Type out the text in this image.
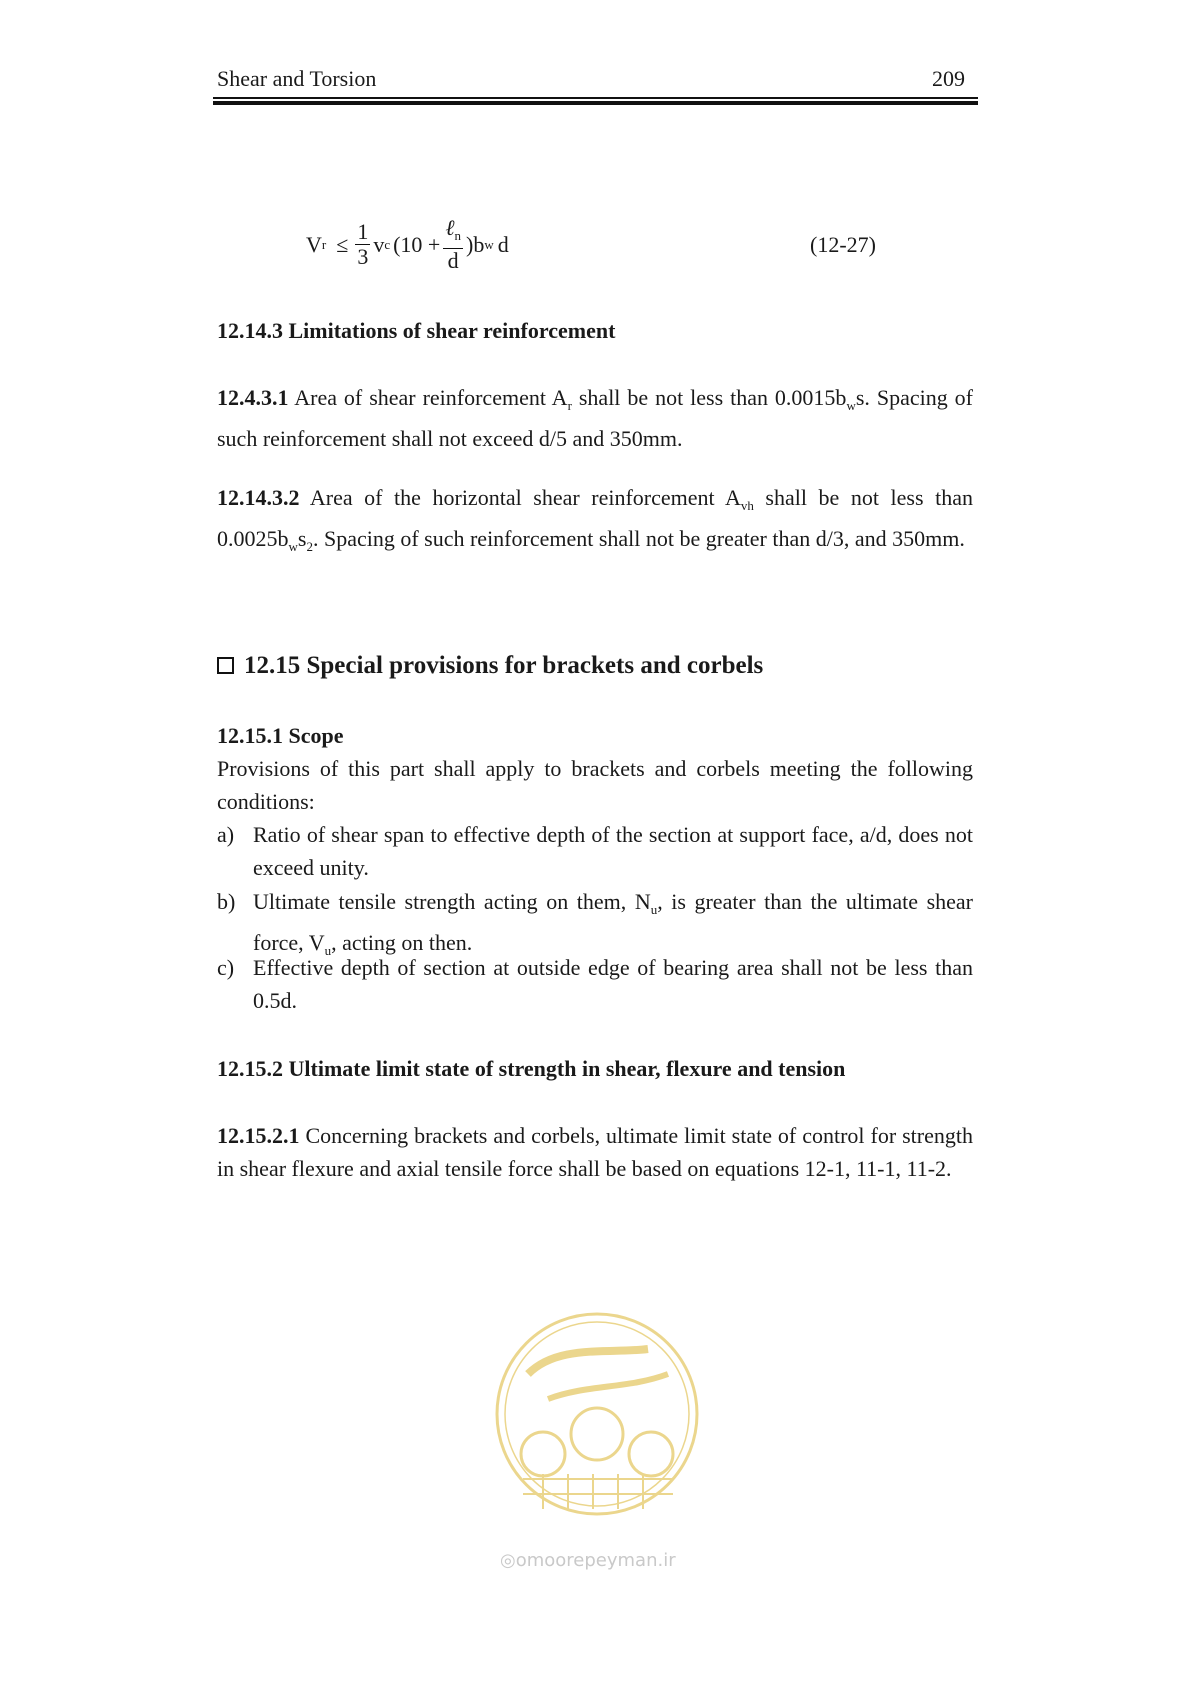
Shear and Torsion	209
V $r \le \frac{1}{3}$ v c $(10 + \frac{\ell_n}{d} )b$ w d	(12-27)
12.14.3 Limitations of shear reinforcement
12.4.3.1 Area of shear reinforcement $A_r$ shall be not less than $0.0015b_ws$. Spacing of such reinforcement shall not exceed d/5 and 350mm.
12.14.3.2 Area of the horizontal shear reinforcement $A_{vh}$ shall be not less than $0.0025b_ws_2$. Spacing of such reinforcement shall not be greater than d/3, and 350mm.
12.15 Special provisions for brackets and corbels
12.15.1 Scope
Provisions of this part shall apply to brackets and corbels meeting the following conditions:
a) Ratio of shear span to effective depth of the section at support face, a/d, does not exceed unity.
b) Ultimate tensile strength acting on them, $N_u$, is greater than the ultimate shear force, $V_u$, acting on then.
c) Effective depth of section at outside edge of bearing area shall not be less than 0.5d.
12.15.2 Ultimate limit state of strength in shear, flexure and tension
12.15.2.1 Concerning brackets and corbels, ultimate limit state of control for strength in shear flexure and axial tensile force shall be based on equations 12-1, 11-1, 11-2.
◎omoorepeyman.ir
